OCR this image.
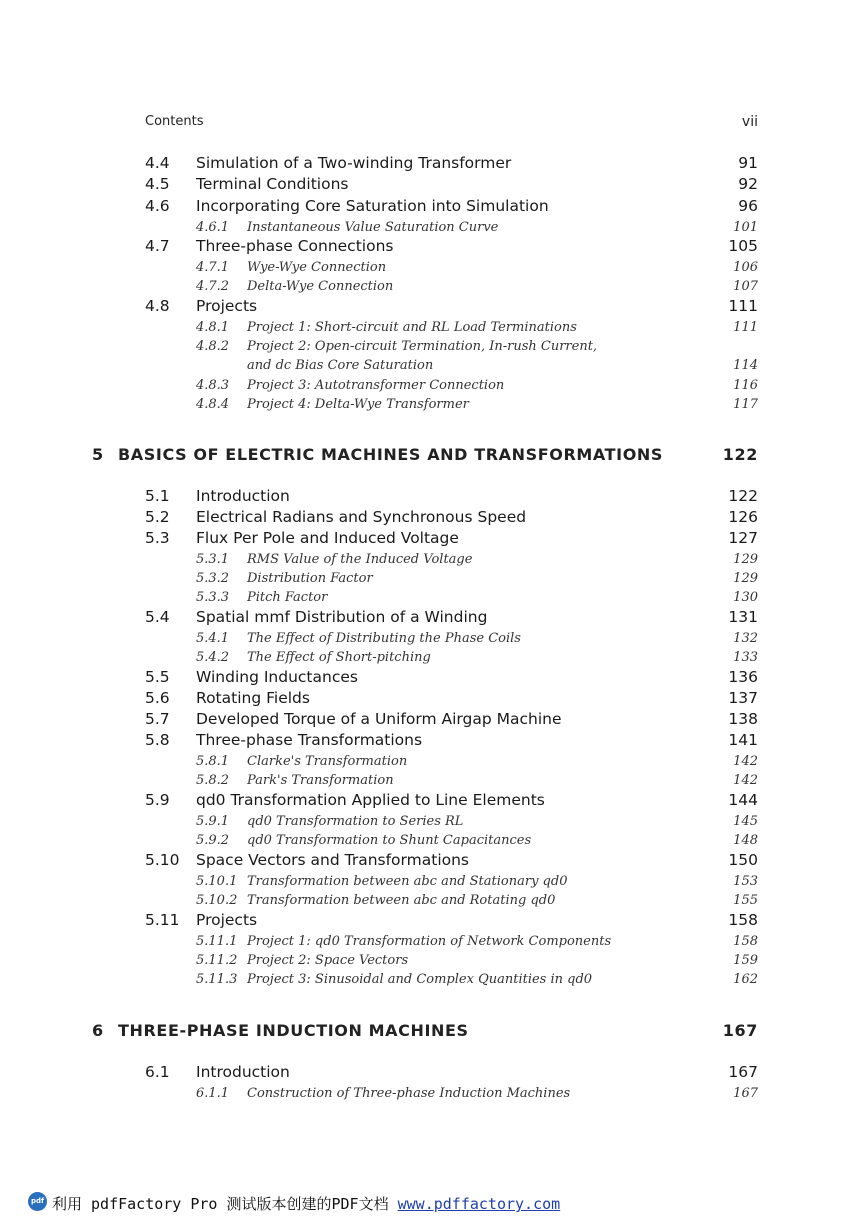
Contents	vii
4.4 Simulation of a Two-winding Transformer	91
4.5 Terminal Conditions	92
4.6 Incorporating Core Saturation into Simulation	96
4.6.1 Instantaneous Value Saturation Curve	101
4.7 Three-phase Connections	105
4.7.1 Wye-Wye Connection	106
4.7.2 Delta-Wye Connection	107
4.8 Projects	111
4.8.1 Project 1: Short-circuit and RL Load Terminations	111
4.8.2 Project 2: Open-circuit Termination, In-rush Current,
and dc Bias Core Saturation	114
4.8.3 Project 3: Autotransformer Connection	116
4.8.4 Project 4: Delta-Wye Transformer	117
5 BASICS OF ELECTRIC MACHINES AND TRANSFORMATIONS	122
5.1 Introduction	122
5.2 Electrical Radians and Synchronous Speed	126
5.3 Flux Per Pole and Induced Voltage	127
5.3.1 RMS Value of the Induced Voltage	129
5.3.2 Distribution Factor	129
5.3.3 Pitch Factor	130
5.4 Spatial mmf Distribution of a Winding	131
5.4.1 The Effect of Distributing the Phase Coils	132
5.4.2 The Effect of Short-pitching	133
5.5 Winding Inductances	136
5.6 Rotating Fields	137
5.7 Developed Torque of a Uniform Airgap Machine	138
5.8 Three-phase Transformations	141
5.8.1 Clarke's Transformation	142
5.8.2 Park's Transformation	142
5.9 qd0 Transformation Applied to Line Elements	144
5.9.1 qd0 Transformation to Series RL	145
5.9.2 qd0 Transformation to Shunt Capacitances	148
5.10 Space Vectors and Transformations	150
5.10.1 Transformation between abc and Stationary qd0	153
5.10.2 Transformation between abc and Rotating qd0	155
5.11 Projects	158
5.11.1 Project 1: qd0 Transformation of Network Components	158
5.11.2 Project 2: Space Vectors	159
5.11.3 Project 3: Sinusoidal and Complex Quantities in qd0	162
6 THREE-PHASE INDUCTION MACHINES	167
6.1 Introduction	167
6.1.1 Construction of Three-phase Induction Machines	167
pdf 利用 pdfFactory Pro 测试版本创建的PDF文档 www.pdffactory.com
